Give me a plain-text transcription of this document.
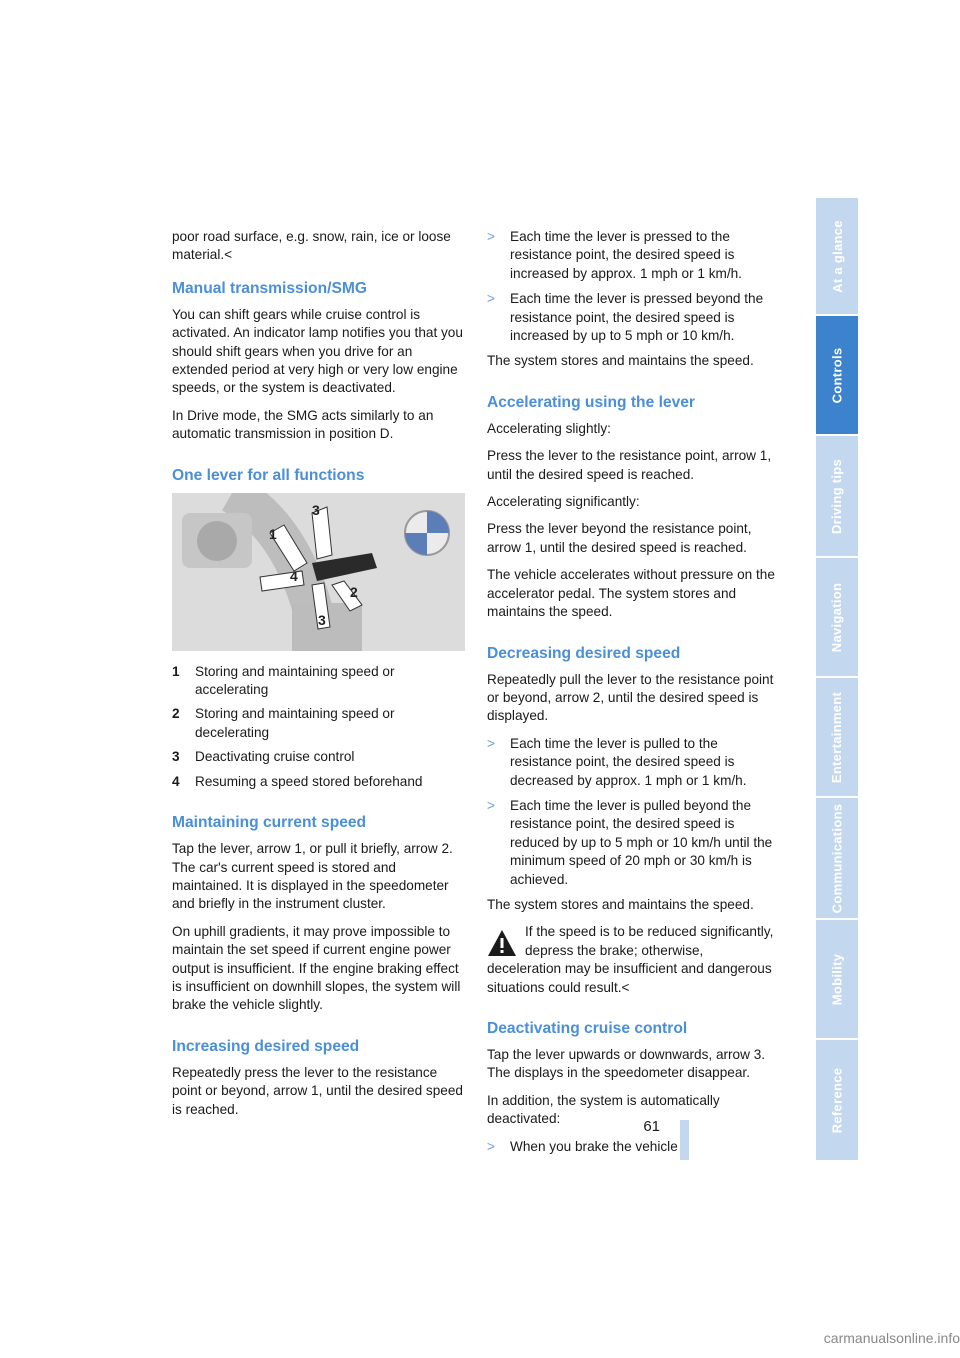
poor road surface, e.g. snow, rain, ice or loose material.<

Manual transmission/SMG

You can shift gears while cruise control is activated. An indicator lamp notifies you that you should shift gears when you drive for an extended period at very high or very low engine speeds, or the system is deactivated.

In Drive mode, the SMG acts similarly to an automatic transmission in position D.

One lever for all functions
3
1
2
4
3
1	Storing and maintaining speed or accelerating
2	Storing and maintaining speed or decelerating
3	Deactivating cruise control
4	Resuming a speed stored beforehand
Maintaining current speed

Tap the lever, arrow 1, or pull it briefly, arrow 2. The car's current speed is stored and maintained. It is displayed in the speedometer and briefly in the instrument cluster.

On uphill gradients, it may prove impossible to maintain the set speed if current engine power output is insufficient. If the engine braking effect is insufficient on downhill slopes, the system will brake the vehicle slightly.

Increasing desired speed

Repeatedly press the lever to the resistance point or beyond, arrow 1, until the desired speed is reached.

>	Each time the lever is pressed to the resistance point, the desired speed is increased by approx. 1 mph or 1 km/h.
>	Each time the lever is pressed beyond the resistance point, the desired speed is increased by up to 5 mph or 10 km/h.

The system stores and maintains the speed.

Accelerating using the lever

Accelerating slightly:

Press the lever to the resistance point, arrow 1, until the desired speed is reached.

Accelerating significantly:

Press the lever beyond the resistance point, arrow 1, until the desired speed is reached.

The vehicle accelerates without pressure on the accelerator pedal. The system stores and maintains the speed.

Decreasing desired speed

Repeatedly pull the lever to the resistance point or beyond, arrow 2, until the desired speed is displayed.

>	Each time the lever is pulled to the resistance point, the desired speed is decreased by approx. 1 mph or 1 km/h.
>	Each time the lever is pulled beyond the resistance point, the desired speed is reduced by up to 5 mph or 10 km/h until the minimum speed of 20 mph or 30 km/h is achieved.

The system stores and maintains the speed.

If the speed is to be reduced significantly, depress the brake; otherwise, deceleration may be insufficient and dangerous situations could result.<

Deactivating cruise control

Tap the lever upwards or downwards, arrow 3. The displays in the speedometer disappear.

In addition, the system is automatically deactivated:

>	When you brake the vehicle
At a glance
Controls
Driving tips
Navigation
Entertainment
Communications
Mobility
Reference
61
carmanualsonline.info
